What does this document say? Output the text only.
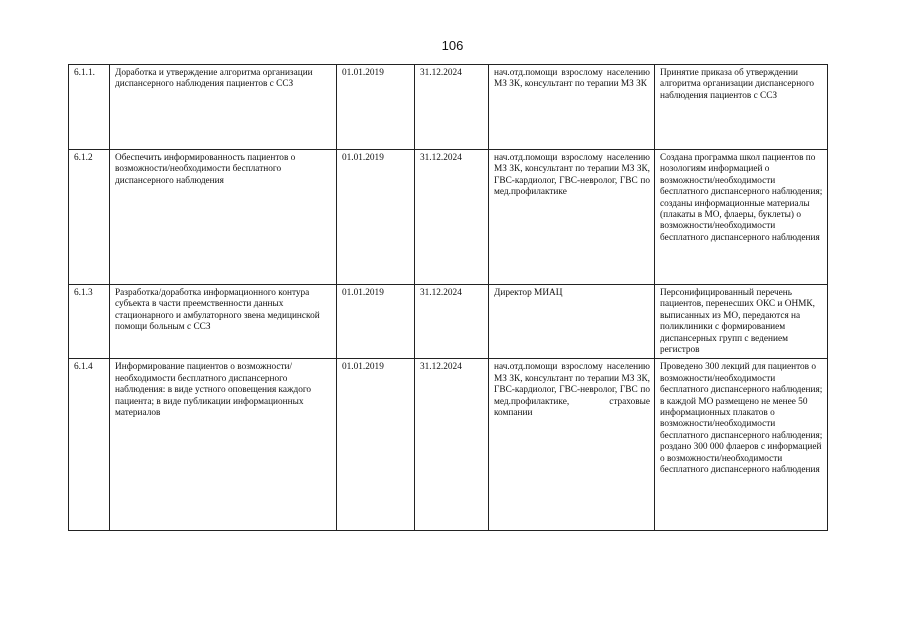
106
6.1.1.	Доработка и утверждение алгоритма организации диспансерного наблюдения пациентов с ССЗ	01.01.2019	31.12.2024	нач.отд.помощи взрослому населению МЗ ЗК, консультант по терапии МЗ ЗК	Принятие приказа об утверждении алгоритма организации диспансерного наблюдения пациентов с ССЗ
6.1.2	Обеспечить информированность пациентов о возможности/необходимости бесплатного диспансерного наблюдения	01.01.2019	31.12.2024	нач.отд.помощи взрослому населению МЗ ЗК, консультант по терапии МЗ ЗК, ГВС-кардиолог, ГВС-невролог, ГВС по мед.профилактике	Создана программа школ пациентов по нозологиям информацией о возможности/необходимости бесплатного диспансерного наблюдения; созданы информационные материалы (плакаты в МО, флаеры, буклеты) о возможности/необходимости бесплатного диспансерного наблюдения
6.1.3	Разработка/доработка информационного контура субъекта в части преемственности данных стационарного и амбулаторного звена медицинской помощи больным с ССЗ	01.01.2019	31.12.2024	Директор МИАЦ	Персонифицированный перечень пациентов, перенесших ОКС и ОНМК, выписанных из МО, передаются на поликлиники с формированием диспансерных групп с ведением регистров
6.1.4	Информирование пациентов о возможности/необходимости бесплатного диспансерного наблюдения: в виде устного оповещения каждого пациента; в виде публикации информационных материалов	01.01.2019	31.12.2024	нач.отд.помощи взрослому населению МЗ ЗК, консультант по терапии МЗ ЗК, ГВС-кардиолог, ГВС-невролог, ГВС по мед.профилактике, страховые компании	Проведено 300 лекций для пациентов о возможности/необходимости бесплатного диспансерного наблюдения; в каждой МО размещено не менее 50 информационных плакатов о возможности/необходимости бесплатного диспансерного наблюдения; роздано 300 000 флаеров с информацией о возможности/необходимости бесплатного диспансерного наблюдения
